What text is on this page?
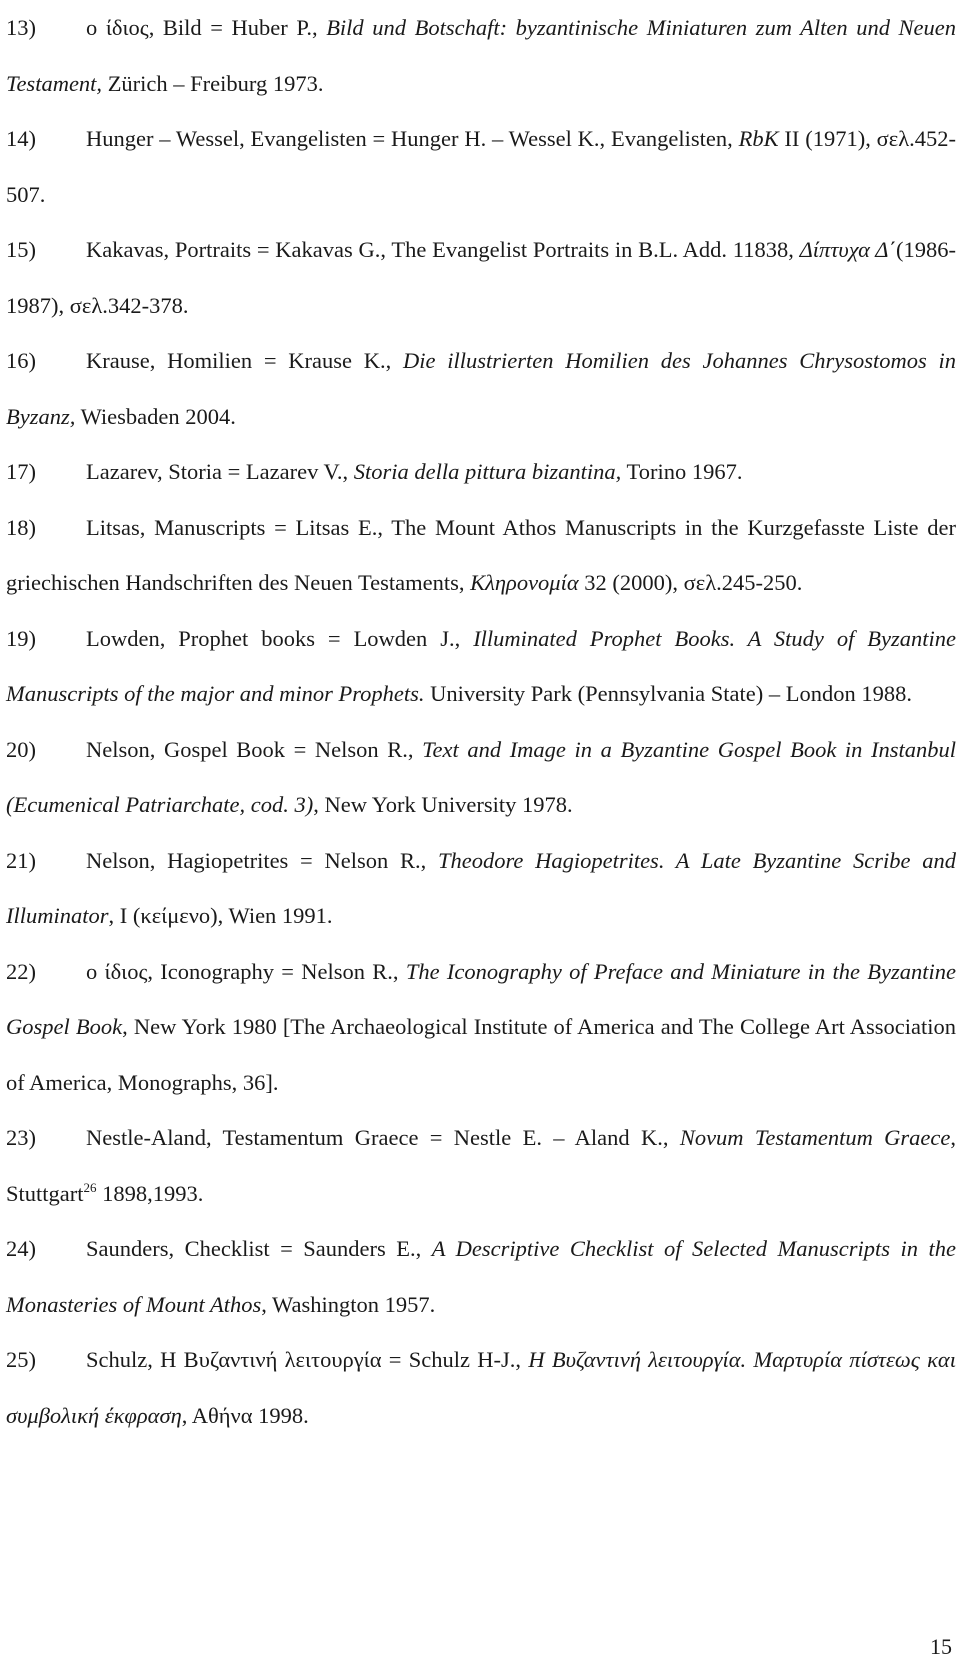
13) ο ίδιος, Bild = Huber P., Bild und Botschaft: byzantinische Miniaturen zum Alten und Neuen Testament, Zürich – Freiburg 1973.

14) Hunger – Wessel, Evangelisten = Hunger H. – Wessel K., Evangelisten, RbK II (1971), σελ.452-507.

15) Kakavas, Portraits = Kakavas G., The Evangelist Portraits in B.L. Add. 11838, Δίπτυχα Δ΄(1986-1987), σελ.342-378.

16) Krause, Homilien = Krause K., Die illustrierten Homilien des Johannes Chrysostomos in Byzanz, Wiesbaden 2004.

17) Lazarev, Storia = Lazarev V., Storia della pittura bizantina, Torino 1967.

18) Litsas, Manuscripts = Litsas E., The Mount Athos Manuscripts in the Kurzgefasste Liste der griechischen Handschriften des Neuen Testaments, Κληρονομία 32 (2000), σελ.245-250.

19) Lowden, Prophet books = Lowden J., Illuminated Prophet Books. A Study of Byzantine Manuscripts of the major and minor Prophets. University Park (Pennsylvania State) – London 1988.

20) Nelson, Gospel Book = Nelson R., Text and Image in a Byzantine Gospel Book in Instanbul (Ecumenical Patriarchate, cod. 3), New York University 1978.

21) Nelson, Hagiopetrites = Nelson R., Theodore Hagiopetrites. A Late Byzantine Scribe and Illuminator, I (κείμενο), Wien 1991.

22) ο ίδιος, Iconography = Nelson R., The Iconography of Preface and Miniature in the Byzantine Gospel Book, New York 1980 [The Archaeological Institute of America and The College Art Association of America, Monographs, 36].

23) Nestle-Aland, Testamentum Graece = Nestle E. – Aland K., Novum Testamentum Graece, Stuttgart$^{26}$ 1898,1993.

24) Saunders, Checklist = Saunders E., A Descriptive Checklist of Selected Manuscripts in the Monasteries of Mount Athos, Washington 1957.

25) Schulz, Η Βυζαντινή λειτουργία = Schulz H-J., Η Βυζαντινή λειτουργία. Μαρτυρία πίστεως και συμβολική έκφραση, Αθήνα 1998.

15
